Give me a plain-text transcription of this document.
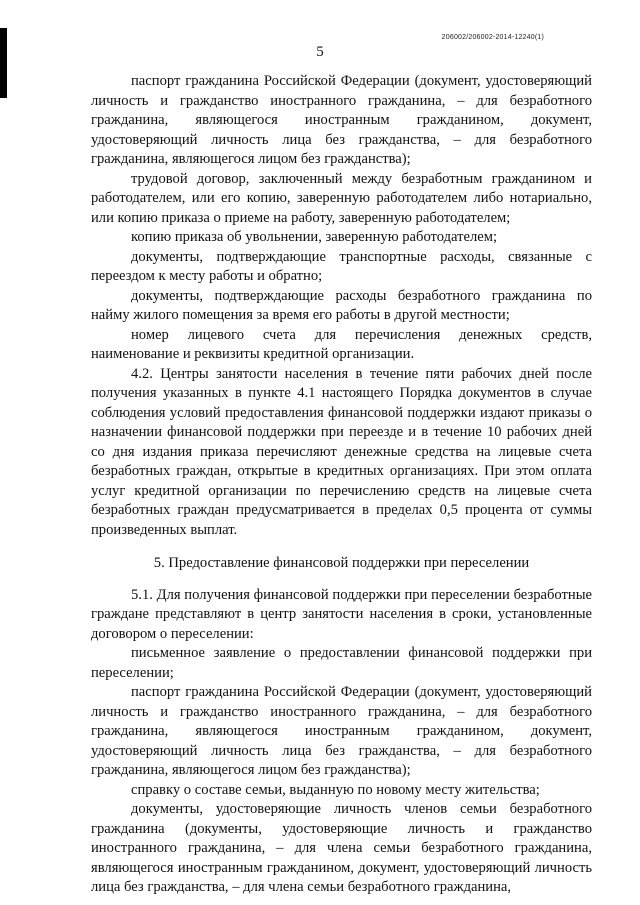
206002/206002-2014-12240(1)
5

паспорт гражданина Российской Федерации (документ, удостоверяющий личность и гражданство иностранного гражданина, – для безработного гражданина, являющегося иностранным гражданином, документ, удостоверяющий личность лица без гражданства, – для безработного гражданина, являющегося лицом без гражданства);

трудовой договор, заключенный между безработным гражданином и работодателем, или его копию, заверенную работодателем либо нотариально, или копию приказа о приеме на работу, заверенную работодателем;

копию приказа об увольнении, заверенную работодателем;

документы, подтверждающие транспортные расходы, связанные с переездом к месту работы и обратно;

документы, подтверждающие расходы безработного гражданина по найму жилого помещения за время его работы в другой местности;

номер лицевого счета для перечисления денежных средств, наименование и реквизиты кредитной организации.

4.2. Центры занятости населения в течение пяти рабочих дней после получения указанных в пункте 4.1 настоящего Порядка документов в случае соблюдения условий предоставления финансовой поддержки издают приказы о назначении финансовой поддержки при переезде и в течение 10 рабочих дней со дня издания приказа перечисляют денежные средства на лицевые счета безработных граждан, открытые в кредитных организациях. При этом оплата услуг кредитной организации по перечислению средств на лицевые счета безработных граждан предусматривается в пределах 0,5 процента от суммы произведенных выплат.

5. Предоставление финансовой поддержки при переселении

5.1. Для получения финансовой поддержки при переселении безработные граждане представляют в центр занятости населения в сроки, установленные договором о переселении:

письменное заявление о предоставлении финансовой поддержки при переселении;

паспорт гражданина Российской Федерации (документ, удостоверяющий личность и гражданство иностранного гражданина, – для безработного гражданина, являющегося иностранным гражданином, документ, удостоверяющий личность лица без гражданства, – для безработного гражданина, являющегося лицом без гражданства);

справку о составе семьи, выданную по новому месту жительства;

документы, удостоверяющие личность членов семьи безработного гражданина (документы, удостоверяющие личность и гражданство иностранного гражданина, – для члена семьи безработного гражданина, являющегося иностранным гражданином, документ, удостоверяющий личность лица без гражданства, – для члена семьи безработного гражданина,
